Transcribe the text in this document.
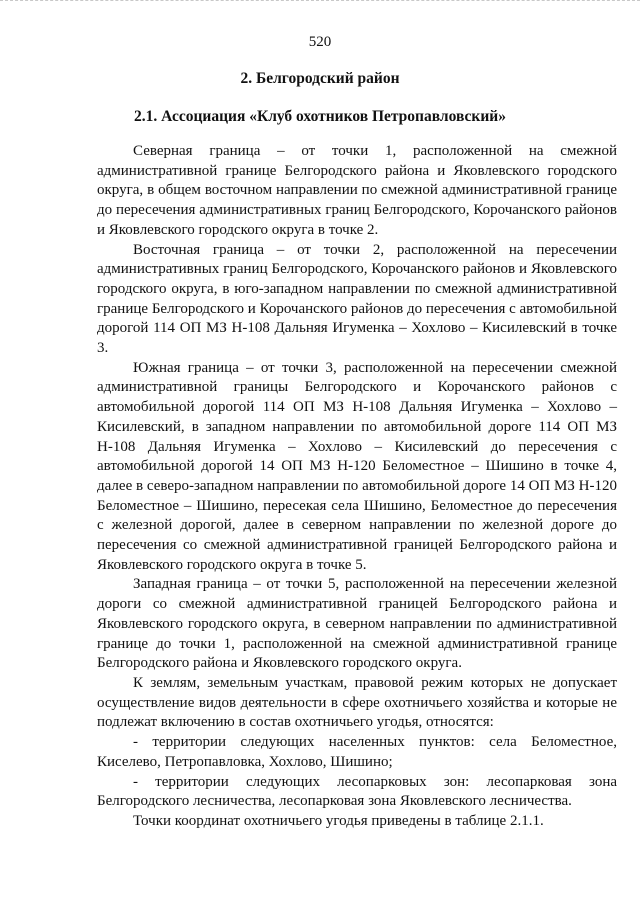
520
2. Белгородский район
2.1. Ассоциация «Клуб охотников Петропавловский»

Северная граница – от точки 1, расположенной на смежной административной границе Белгородского района и Яковлевского городского округа, в общем восточном направлении по смежной административной границе до пересечения административных границ Белгородского, Корочанского районов и Яковлевского городского округа в точке 2.

Восточная граница – от точки 2, расположенной на пересечении административных границ Белгородского, Корочанского районов и Яковлевского городского округа, в юго-западном направлении по смежной административной границе Белгородского и Корочанского районов до пересечения с автомобильной дорогой 114 ОП МЗ Н-108 Дальняя Игуменка – Хохлово – Кисилевский в точке 3.

Южная граница – от точки 3, расположенной на пересечении смежной административной границы Белгородского и Корочанского районов с автомобильной дорогой 114 ОП МЗ Н-108 Дальняя Игуменка – Хохлово – Кисилевский, в западном направлении по автомобильной дороге 114 ОП МЗ Н-108 Дальняя Игуменка – Хохлово – Кисилевский до пересечения с автомобильной дорогой 14 ОП МЗ Н-120 Беломестное – Шишино в точке 4, далее в северо-западном направлении по автомобильной дороге 14 ОП МЗ Н-120 Беломестное – Шишино, пересекая села Шишино, Беломестное до пересечения с железной дорогой, далее в северном направлении по железной дороге до пересечения со смежной административной границей Белгородского района и Яковлевского городского округа в точке 5.

Западная граница – от точки 5, расположенной на пересечении железной дороги со смежной административной границей Белгородского района и Яковлевского городского округа, в северном направлении по административной границе до точки 1, расположенной на смежной административной границе Белгородского района и Яковлевского городского округа.

К землям, земельным участкам, правовой режим которых не допускает осуществление видов деятельности в сфере охотничьего хозяйства и которые не подлежат включению в состав охотничьего угодья, относятся:

- территории следующих населенных пунктов: села Беломестное, Киселево, Петропавловка, Хохлово, Шишино;

- территории следующих лесопарковых зон: лесопарковая зона Белгородского лесничества, лесопарковая зона Яковлевского лесничества.

Точки координат охотничьего угодья приведены в таблице 2.1.1.
